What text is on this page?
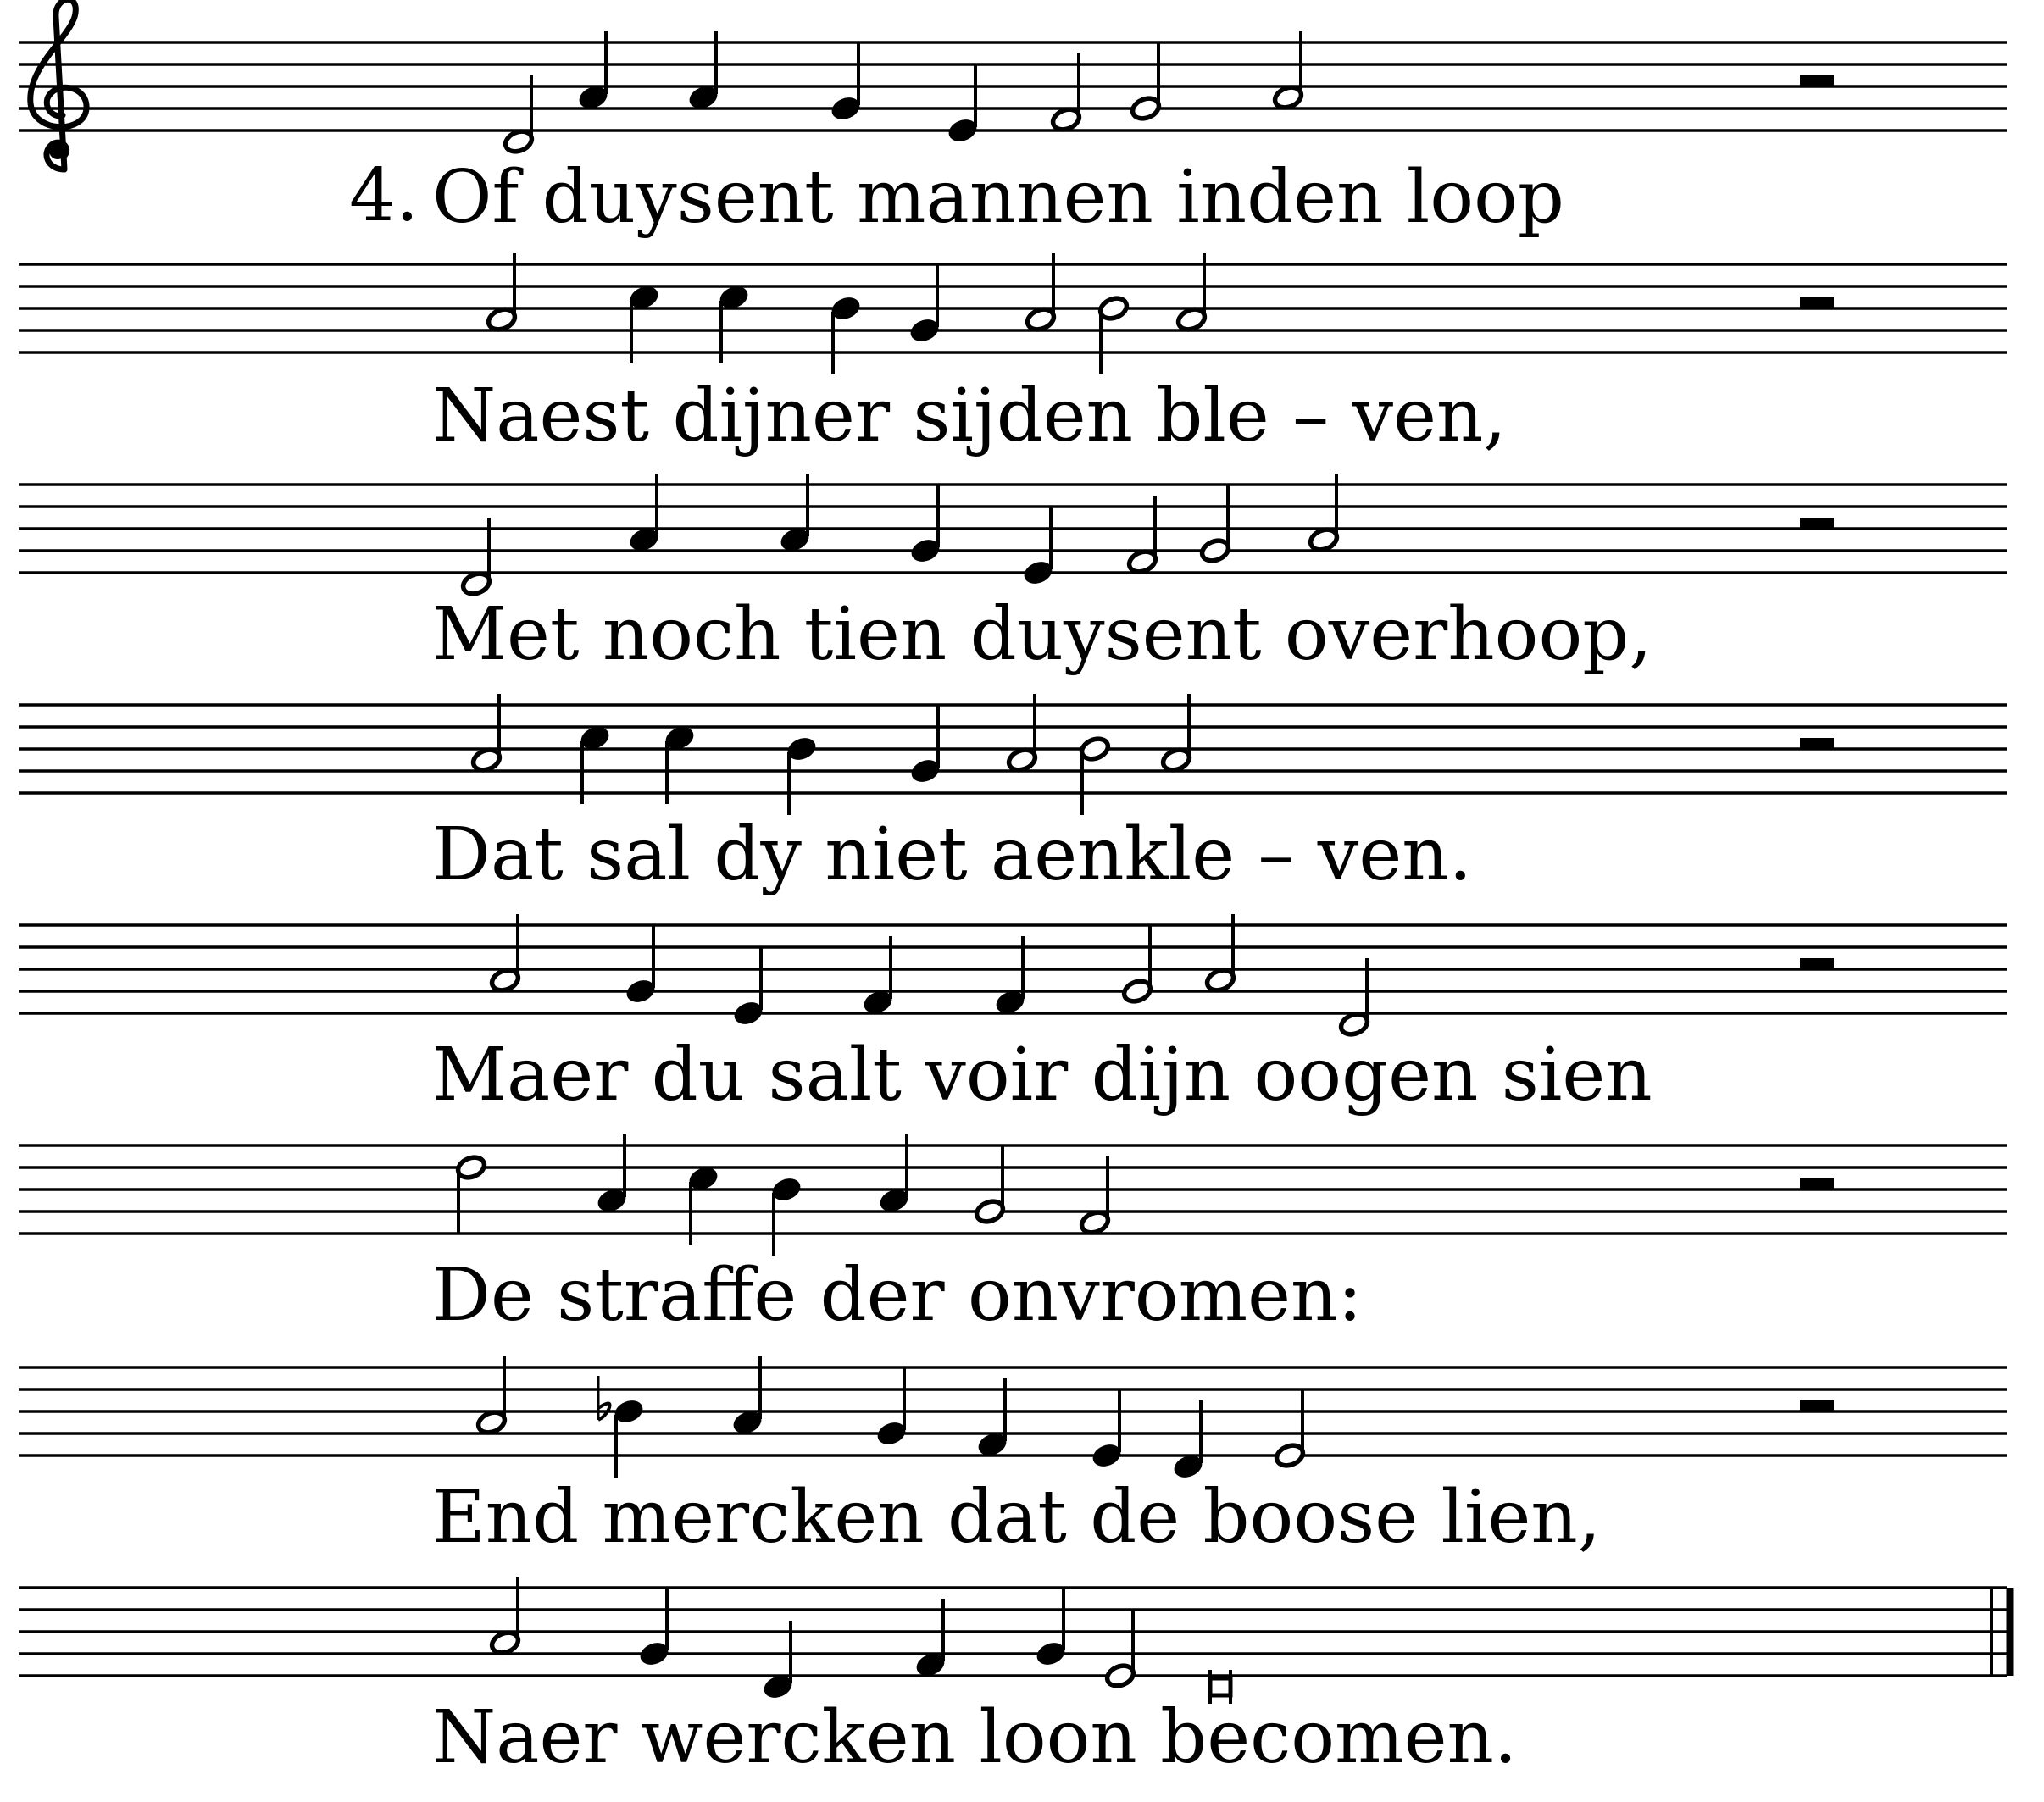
4. Of duysent mannen inden loop
Naest dijner sijden ble – ven,
Met noch tien duysent overhoop,
Dat sal dy niet aenkle – ven.
Maer du salt voir dijn oogen sien
De straffe der onvromen:
End mercken dat de boose lien,
Naer wercken loon becomen.
